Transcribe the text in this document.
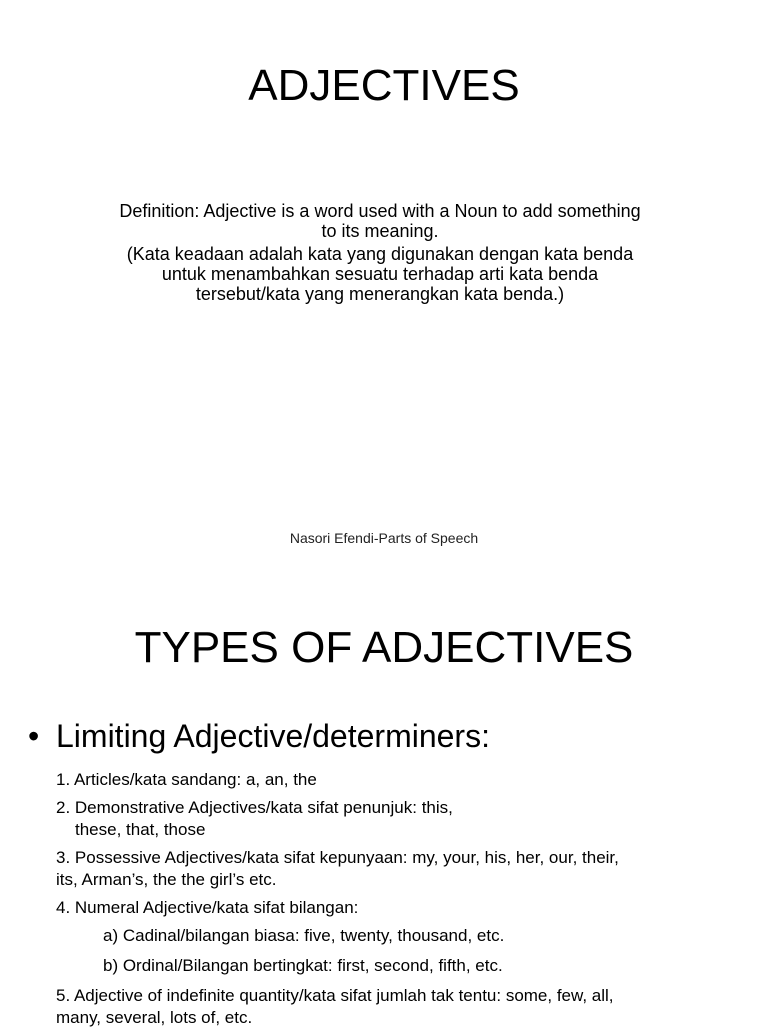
ADJECTIVES

Definition: Adjective is a word used with a Noun to add something to its meaning.

(Kata keadaan adalah kata yang digunakan dengan kata benda untuk menambahkan sesuatu terhadap arti kata benda tersebut/kata yang menerangkan kata benda.)

Nasori Efendi-Parts of Speech
TYPES OF ADJECTIVES
• Limiting Adjective/determiners:
1. Articles/kata sandang: a, an, the
2. Demonstrative Adjectives/kata sifat penunjuk: this,
these, that, those
3. Possessive Adjectives/kata sifat kepunyaan: my, your, his, her, our, their,
its, Arman’s, the the girl’s etc.
4. Numeral Adjective/kata sifat bilangan:
a) Cadinal/bilangan biasa: five, twenty, thousand, etc.
b) Ordinal/Bilangan bertingkat: first, second, fifth, etc.
5. Adjective of indefinite quantity/kata sifat jumlah tak tentu: some, few, all,
many, several, lots of, etc.
